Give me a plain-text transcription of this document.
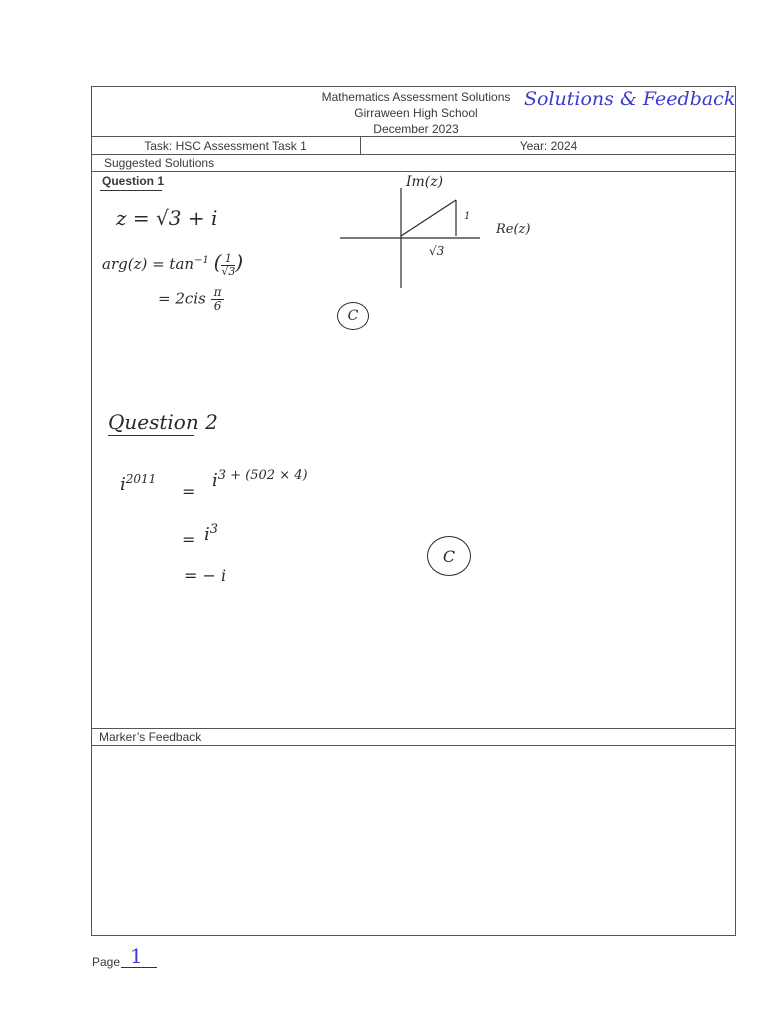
Mathematics Assessment Solutions
Girraween High School
December 2023
Solutions & Feedback
Task: HSC Assessment Task 1	Year: 2024
Suggested Solutions
Question 1
z = √3 + i
$arg(z) = \tan^{-1}$ ( $\frac{1}{√3}$ )
= $2cis \frac{\pi}{6}$
C
Im(z)
Re(z)
√3
1
Question 2
$i^{2011}$
=
$i^{3 + (502 \times 4)}$
= $i^3$
= − i
C
Marker’s Feedback
Page 1
